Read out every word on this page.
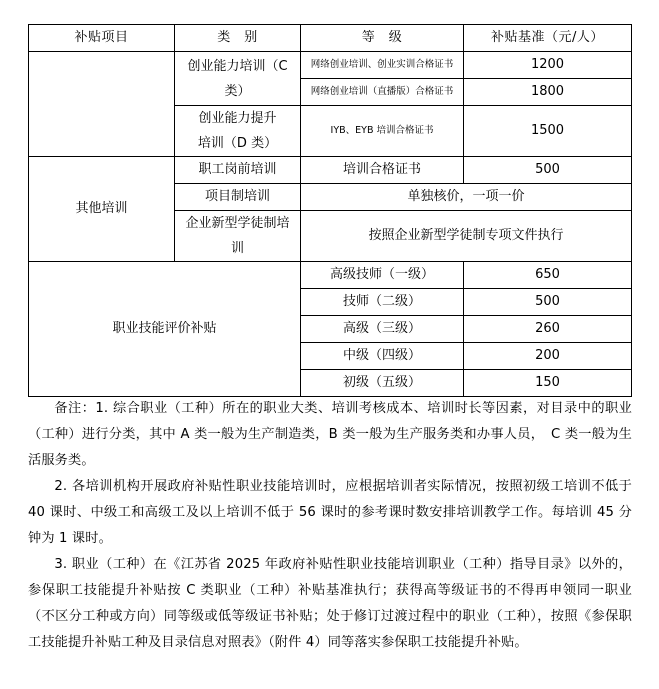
补贴项目	类　别	等　级	补贴基准（元/人）
	创业能力培训（C类）	网络创业培训、创业实训合格证书	1200
		网络创业培训（直播版）合格证书	1800
	创业能力提升培训（D 类）	IYB、EYB 培训合格证书	1500
其他培训	职工岗前培训	培训合格证书	500
	项目制培训	单独核价，一项一价	
	企业新型学徒制培训	按照企业新型学徒制专项文件执行	
职业技能评价补贴		高级技师（一级）	650
		技师（二级）	500
		高级（三级）	260
		中级（四级）	200
		初级（五级）	150

备注：1. 综合职业（工种）所在的职业大类、培训考核成本、培训时长等因素，对目录中的职业（工种）进行分类，其中 A 类一般为生产制造类，B 类一般为生产服务类和办事人员，　C 类一般为生活服务类。

2. 各培训机构开展政府补贴性职业技能培训时，应根据培训者实际情况，按照初级工培训不低于 40 课时、中级工和高级工及以上培训不低于 56 课时的参考课时数安排培训教学工作。每培训 45 分钟为 1 课时。

3. 职业（工种）在《江苏省 2025 年政府补贴性职业技能培训职业（工种）指导目录》以外的，参保职工技能提升补贴按 C 类职业（工种）补贴基准执行；获得高等级证书的不得再申领同一职业（不区分工种或方向）同等级或低等级证书补贴；处于修订过渡过程中的职业（工种），按照《参保职工技能提升补贴工种及目录信息对照表》（附件 4）同等落实参保职工技能提升补贴。
